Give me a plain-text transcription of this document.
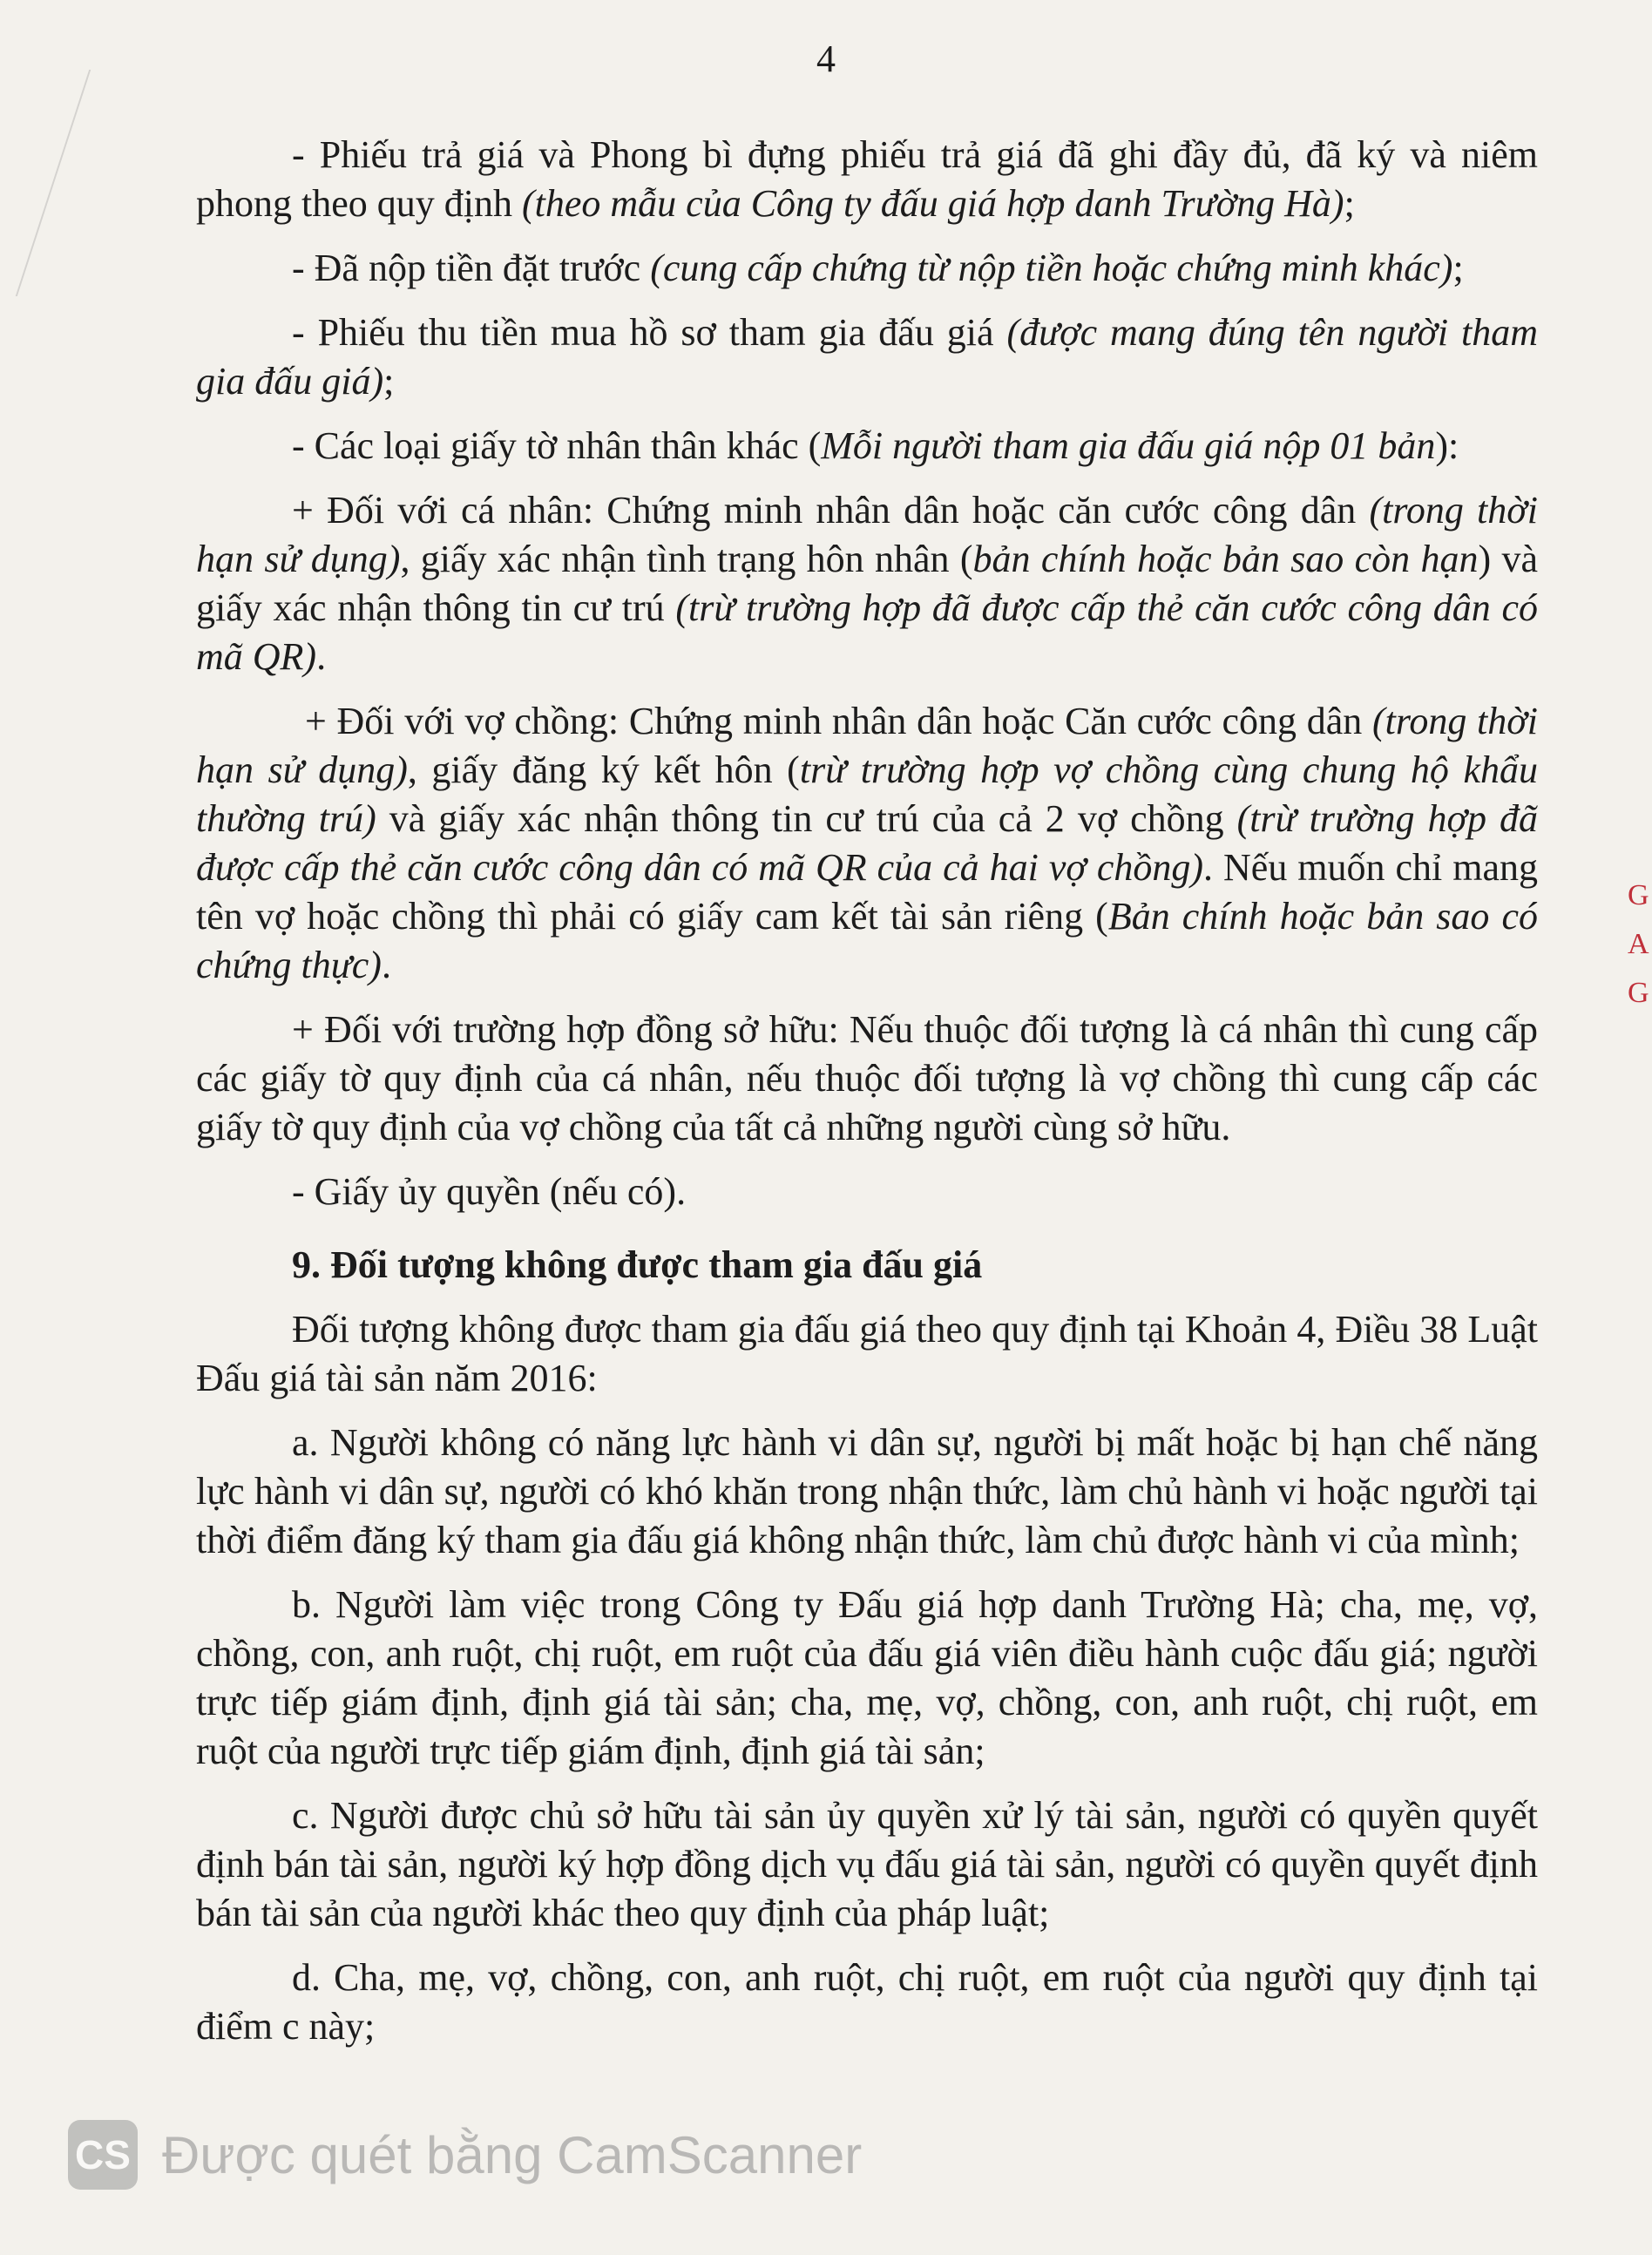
4

- Phiếu trả giá và Phong bì đựng phiếu trả giá đã ghi đầy đủ, đã ký và niêm phong theo quy định (theo mẫu của Công ty đấu giá hợp danh Trường Hà);

- Đã nộp tiền đặt trước (cung cấp chứng từ nộp tiền hoặc chứng minh khác);

- Phiếu thu tiền mua hồ sơ tham gia đấu giá (được mang đúng tên người tham gia đấu giá);

- Các loại giấy tờ nhân thân khác (Mỗi người tham gia đấu giá nộp 01 bản):

+ Đối với cá nhân: Chứng minh nhân dân hoặc căn cước công dân (trong thời hạn sử dụng), giấy xác nhận tình trạng hôn nhân (bản chính hoặc bản sao còn hạn) và giấy xác nhận thông tin cư trú (trừ trường hợp đã được cấp thẻ căn cước công dân có mã QR).

+ Đối với vợ chồng: Chứng minh nhân dân hoặc Căn cước công dân (trong thời hạn sử dụng), giấy đăng ký kết hôn (trừ trường hợp vợ chồng cùng chung hộ khẩu thường trú) và giấy xác nhận thông tin cư trú của cả 2 vợ chồng (trừ trường hợp đã được cấp thẻ căn cước công dân có mã QR của cả hai vợ chồng). Nếu muốn chỉ mang tên vợ hoặc chồng thì phải có giấy cam kết tài sản riêng (Bản chính hoặc bản sao có chứng thực).

+ Đối với trường hợp đồng sở hữu: Nếu thuộc đối tượng là cá nhân thì cung cấp các giấy tờ quy định của cá nhân, nếu thuộc đối tượng là vợ chồng thì cung cấp các giấy tờ quy định của vợ chồng của tất cả những người cùng sở hữu.

- Giấy ủy quyền (nếu có).

9. Đối tượng không được tham gia đấu giá

Đối tượng không được tham gia đấu giá theo quy định tại Khoản 4, Điều 38 Luật Đấu giá tài sản năm 2016:

a. Người không có năng lực hành vi dân sự, người bị mất hoặc bị hạn chế năng lực hành vi dân sự, người có khó khăn trong nhận thức, làm chủ hành vi hoặc người tại thời điểm đăng ký tham gia đấu giá không nhận thức, làm chủ được hành vi của mình;

b. Người làm việc trong Công ty Đấu giá hợp danh Trường Hà; cha, mẹ, vợ, chồng, con, anh ruột, chị ruột, em ruột của đấu giá viên điều hành cuộc đấu giá; người trực tiếp giám định, định giá tài sản; cha, mẹ, vợ, chồng, con, anh ruột, chị ruột, em ruột của người trực tiếp giám định, định giá tài sản;

c. Người được chủ sở hữu tài sản ủy quyền xử lý tài sản, người có quyền quyết định bán tài sản, người ký hợp đồng dịch vụ đấu giá tài sản, người có quyền quyết định bán tài sản của người khác theo quy định của pháp luật;

d. Cha, mẹ, vợ, chồng, con, anh ruột, chị ruột, em ruột của người quy định tại điểm c này;

G
A
G
CS Được quét bằng CamScanner
